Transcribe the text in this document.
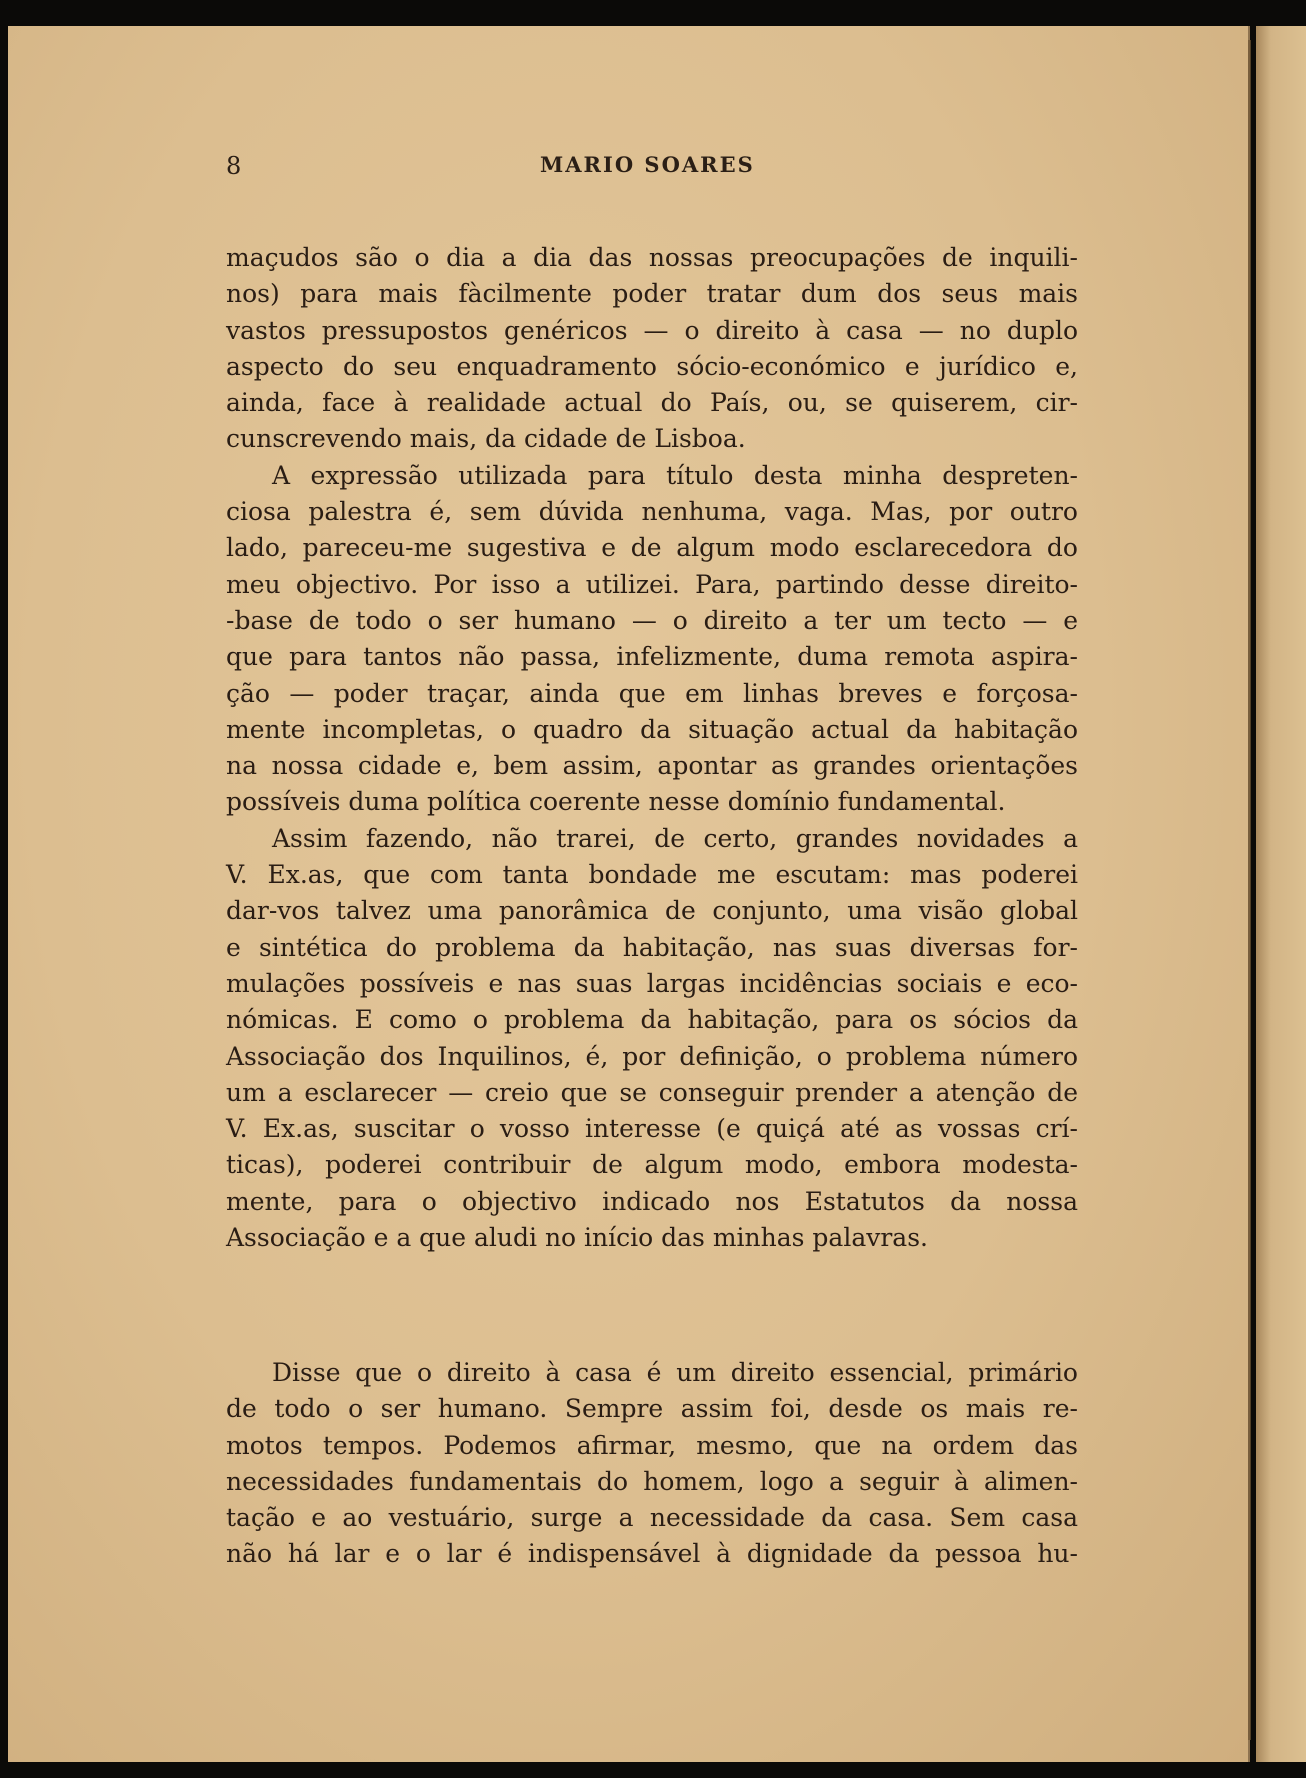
8	MARIO SOARES

maçudos são o dia a dia das nossas preocupações de inquili-
nos) para mais fàcilmente poder tratar dum dos seus mais
vastos pressupostos genéricos — o direito à casa — no duplo
aspecto do seu enquadramento sócio-económico e jurídico e,
ainda, face à realidade actual do País, ou, se quiserem, cir-
cunscrevendo mais, da cidade de Lisboa.

A expressão utilizada para título desta minha despreten-
ciosa palestra é, sem dúvida nenhuma, vaga. Mas, por outro
lado, pareceu-me sugestiva e de algum modo esclarecedora do
meu objectivo. Por isso a utilizei. Para, partindo desse direito-
-base de todo o ser humano — o direito a ter um tecto — e
que para tantos não passa, infelizmente, duma remota aspira-
ção — poder traçar, ainda que em linhas breves e forçosa-
mente incompletas, o quadro da situação actual da habitação
na nossa cidade e, bem assim, apontar as grandes orientações
possíveis duma política coerente nesse domínio fundamental.

Assim fazendo, não trarei, de certo, grandes novidades a
V. Ex.as, que com tanta bondade me escutam: mas poderei
dar-vos talvez uma panorâmica de conjunto, uma visão global
e sintética do problema da habitação, nas suas diversas for-
mulações possíveis e nas suas largas incidências sociais e eco-
nómicas. E como o problema da habitação, para os sócios da
Associação dos Inquilinos, é, por definição, o problema número
um a esclarecer — creio que se conseguir prender a atenção de
V. Ex.as, suscitar o vosso interesse (e quiçá até as vossas crí-
ticas), poderei contribuir de algum modo, embora modesta-
mente, para o objectivo indicado nos Estatutos da nossa
Associação e a que aludi no início das minhas palavras.

Disse que o direito à casa é um direito essencial, primário
de todo o ser humano. Sempre assim foi, desde os mais re-
motos tempos. Podemos afirmar, mesmo, que na ordem das
necessidades fundamentais do homem, logo a seguir à alimen-
tação e ao vestuário, surge a necessidade da casa. Sem casa
não há lar e o lar é indispensável à dignidade da pessoa hu-
